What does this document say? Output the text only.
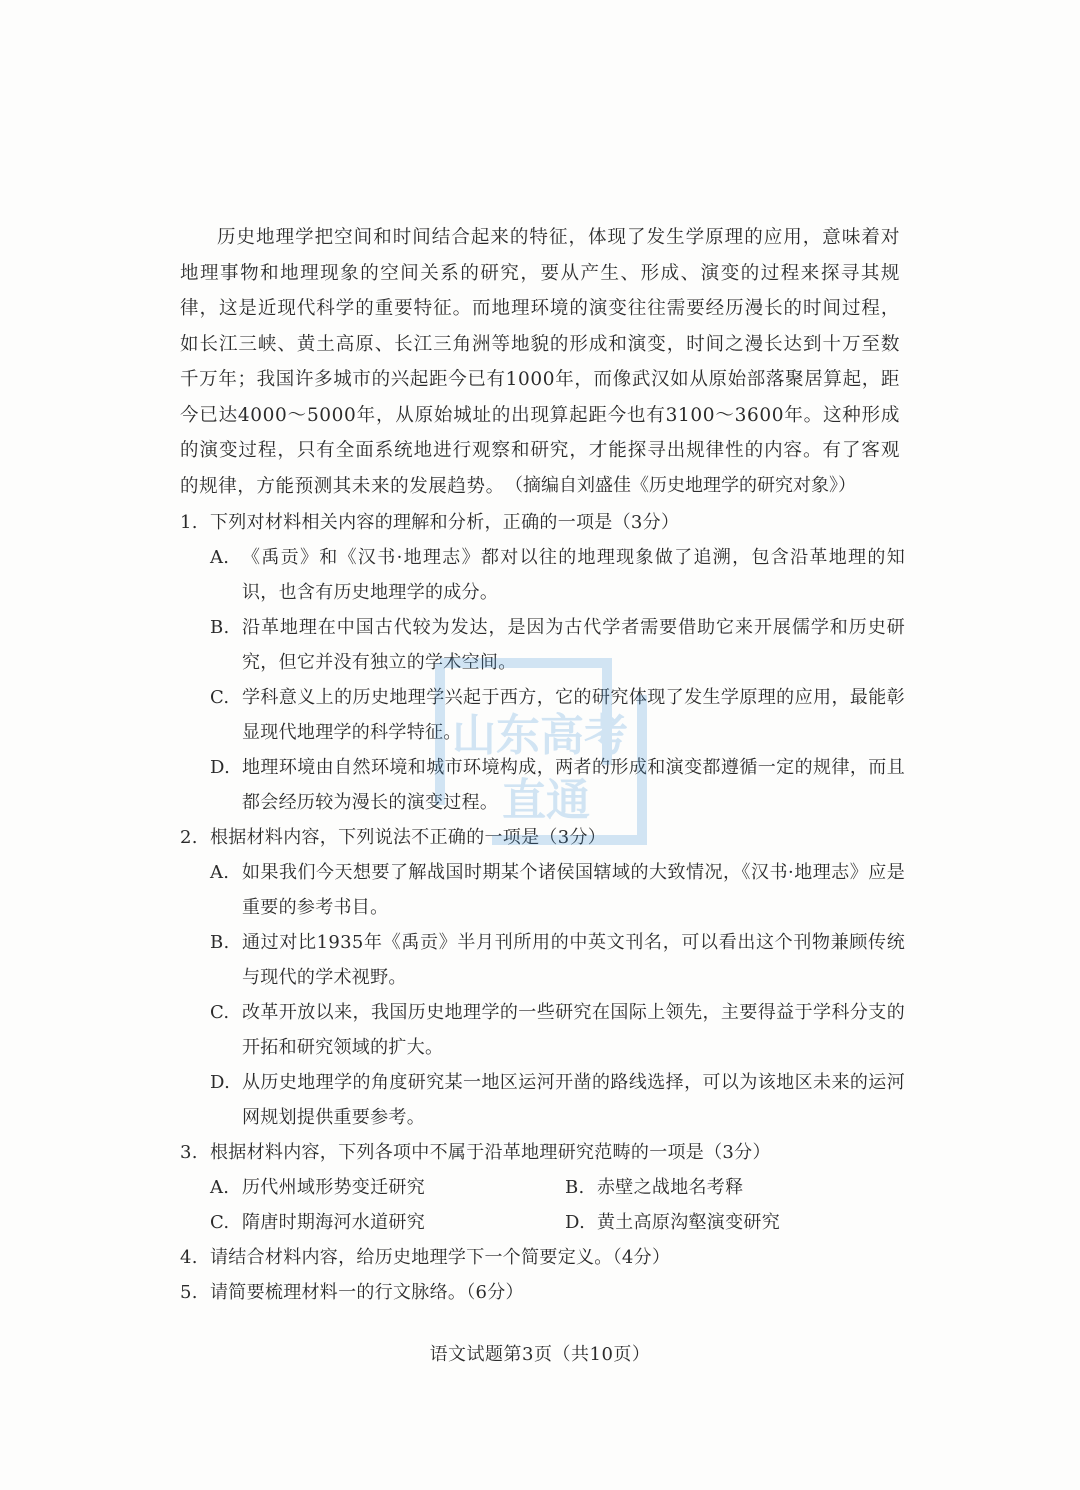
历史地理学把空间和时间结合起来的特征，体现了发生学原理的应用，意味着对地理事物和地理现象的空间关系的研究，要从产生、形成、演变的过程来探寻其规律，这是近现代科学的重要特征。而地理环境的演变往往需要经历漫长的时间过程，如长江三峡、黄土高原、长江三角洲等地貌的形成和演变，时间之漫长达到十万至数千万年；我国许多城市的兴起距今已有1000年，而像武汉如从原始部落聚居算起，距今已达4000～5000年，从原始城址的出现算起距今也有3100～3600年。这种形成的演变过程，只有全面系统地进行观察和研究，才能探寻出规律性的内容。有了客观的规律，方能预测其未来的发展趋势。 （摘编自刘盛佳《历史地理学的研究对象》）
1. 下列对材料相关内容的理解和分析，正确的一项是（3分）
A. 《禹贡》和《汉书·地理志》都对以往的地理现象做了追溯，包含沿革地理的知识，也含有历史地理学的成分。
B. 沿革地理在中国古代较为发达，是因为古代学者需要借助它来开展儒学和历史研究，但它并没有独立的学术空间。
C. 学科意义上的历史地理学兴起于西方，它的研究体现了发生学原理的应用，最能彰显现代地理学的科学特征。
D. 地理环境由自然环境和城市环境构成，两者的形成和演变都遵循一定的规律，而且都会经历较为漫长的演变过程。
2. 根据材料内容，下列说法不正确的一项是（3分）
A. 如果我们今天想要了解战国时期某个诸侯国辖域的大致情况，《汉书·地理志》应是重要的参考书目。
B. 通过对比1935年《禹贡》半月刊所用的中英文刊名，可以看出这个刊物兼顾传统与现代的学术视野。
C. 改革开放以来，我国历史地理学的一些研究在国际上领先，主要得益于学科分支的开拓和研究领域的扩大。
D. 从历史地理学的角度研究某一地区运河开凿的路线选择，可以为该地区未来的运河网规划提供重要参考。
3. 根据材料内容，下列各项中不属于沿革地理研究范畴的一项是（3分）
A. 历代州域形势变迁研究	B. 赤壁之战地名考释
C. 隋唐时期海河水道研究	D. 黄土高原沟壑演变研究
4. 请结合材料内容，给历史地理学下一个简要定义。（4分）
5. 请简要梳理材料一的行文脉络。（6分）
语文试题第3页（共10页）
山东高考
直通
